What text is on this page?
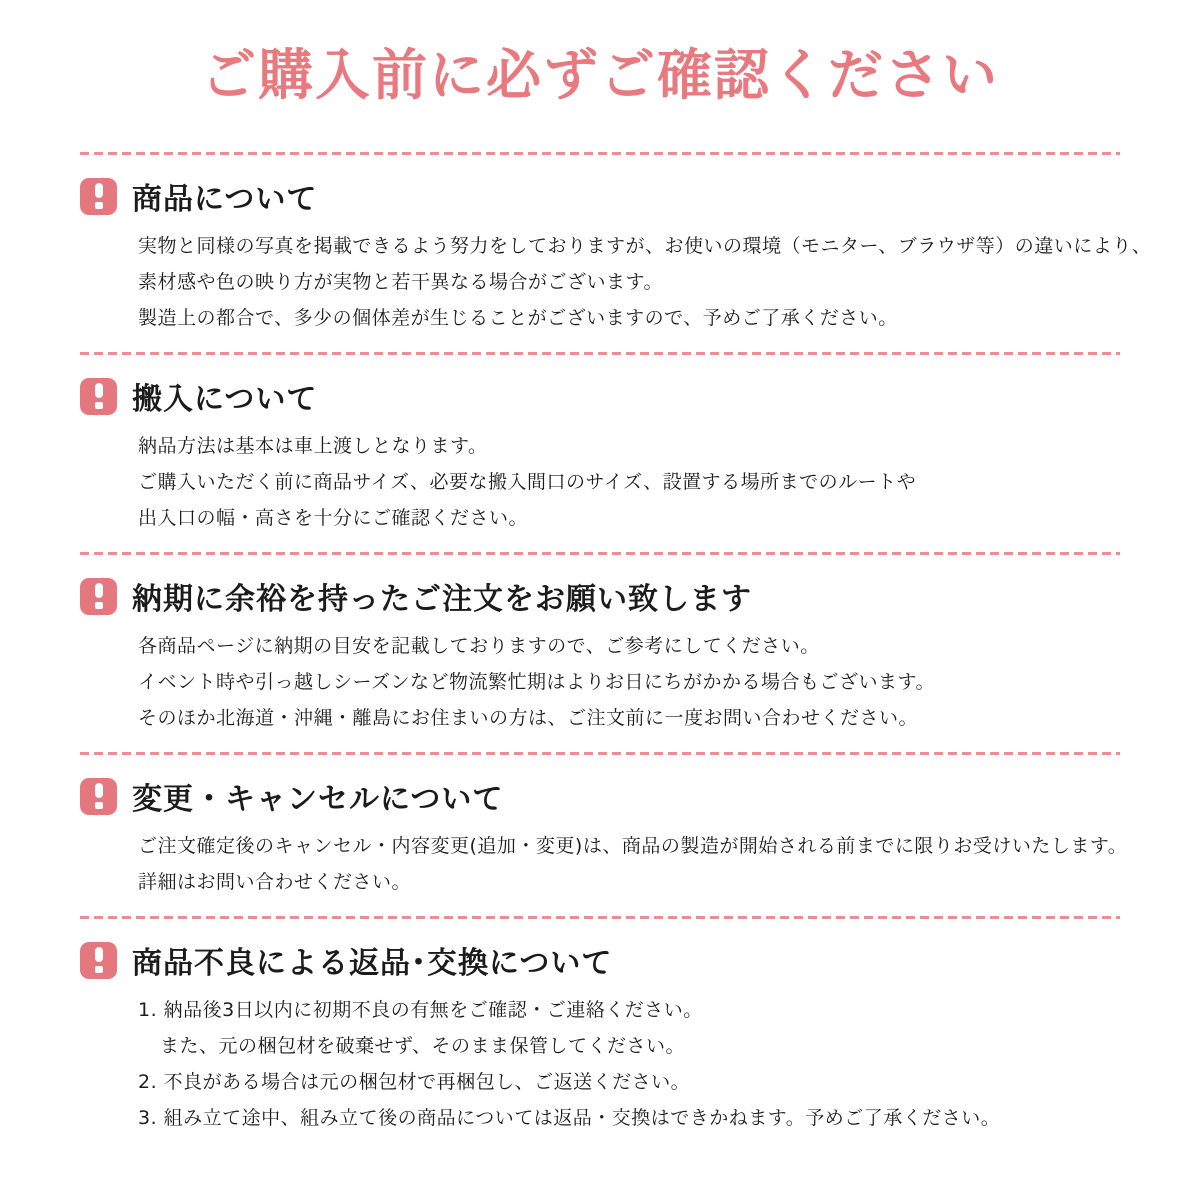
ご購入前に必ずご確認ください
商品について

実物と同様の写真を掲載できるよう努力をしておりますが、お使いの環境（モニター、ブラウザ等）の違いにより、

素材感や色の映り方が実物と若干異なる場合がございます。

製造上の都合で、多少の個体差が生じることがございますので、予めご了承ください。

搬入について

納品方法は基本は車上渡しとなります。

ご購入いただく前に商品サイズ、必要な搬入間口のサイズ、設置する場所までのルートや

出入口の幅・高さを十分にご確認ください。

納期に余裕を持ったご注文をお願い致します

各商品ページに納期の目安を記載しておりますので、ご参考にしてください。

イベント時や引っ越しシーズンなど物流繁忙期はよりお日にちがかかる場合もございます。

そのほか北海道・沖縄・離島にお住まいの方は、ご注文前に一度お問い合わせください。

変更・キャンセルについて

ご注文確定後のキャンセル・内容変更(追加・変更)は、商品の製造が開始される前までに限りお受けいたします。

詳細はお問い合わせください。

商品不良による返品･交換について

1. 納品後3日以内に初期不良の有無をご確認・ご連絡ください。

また、元の梱包材を破棄せず、そのまま保管してください。

2. 不良がある場合は元の梱包材で再梱包し、ご返送ください。

3. 組み立て途中、組み立て後の商品については返品・交換はできかねます。予めご了承ください。
